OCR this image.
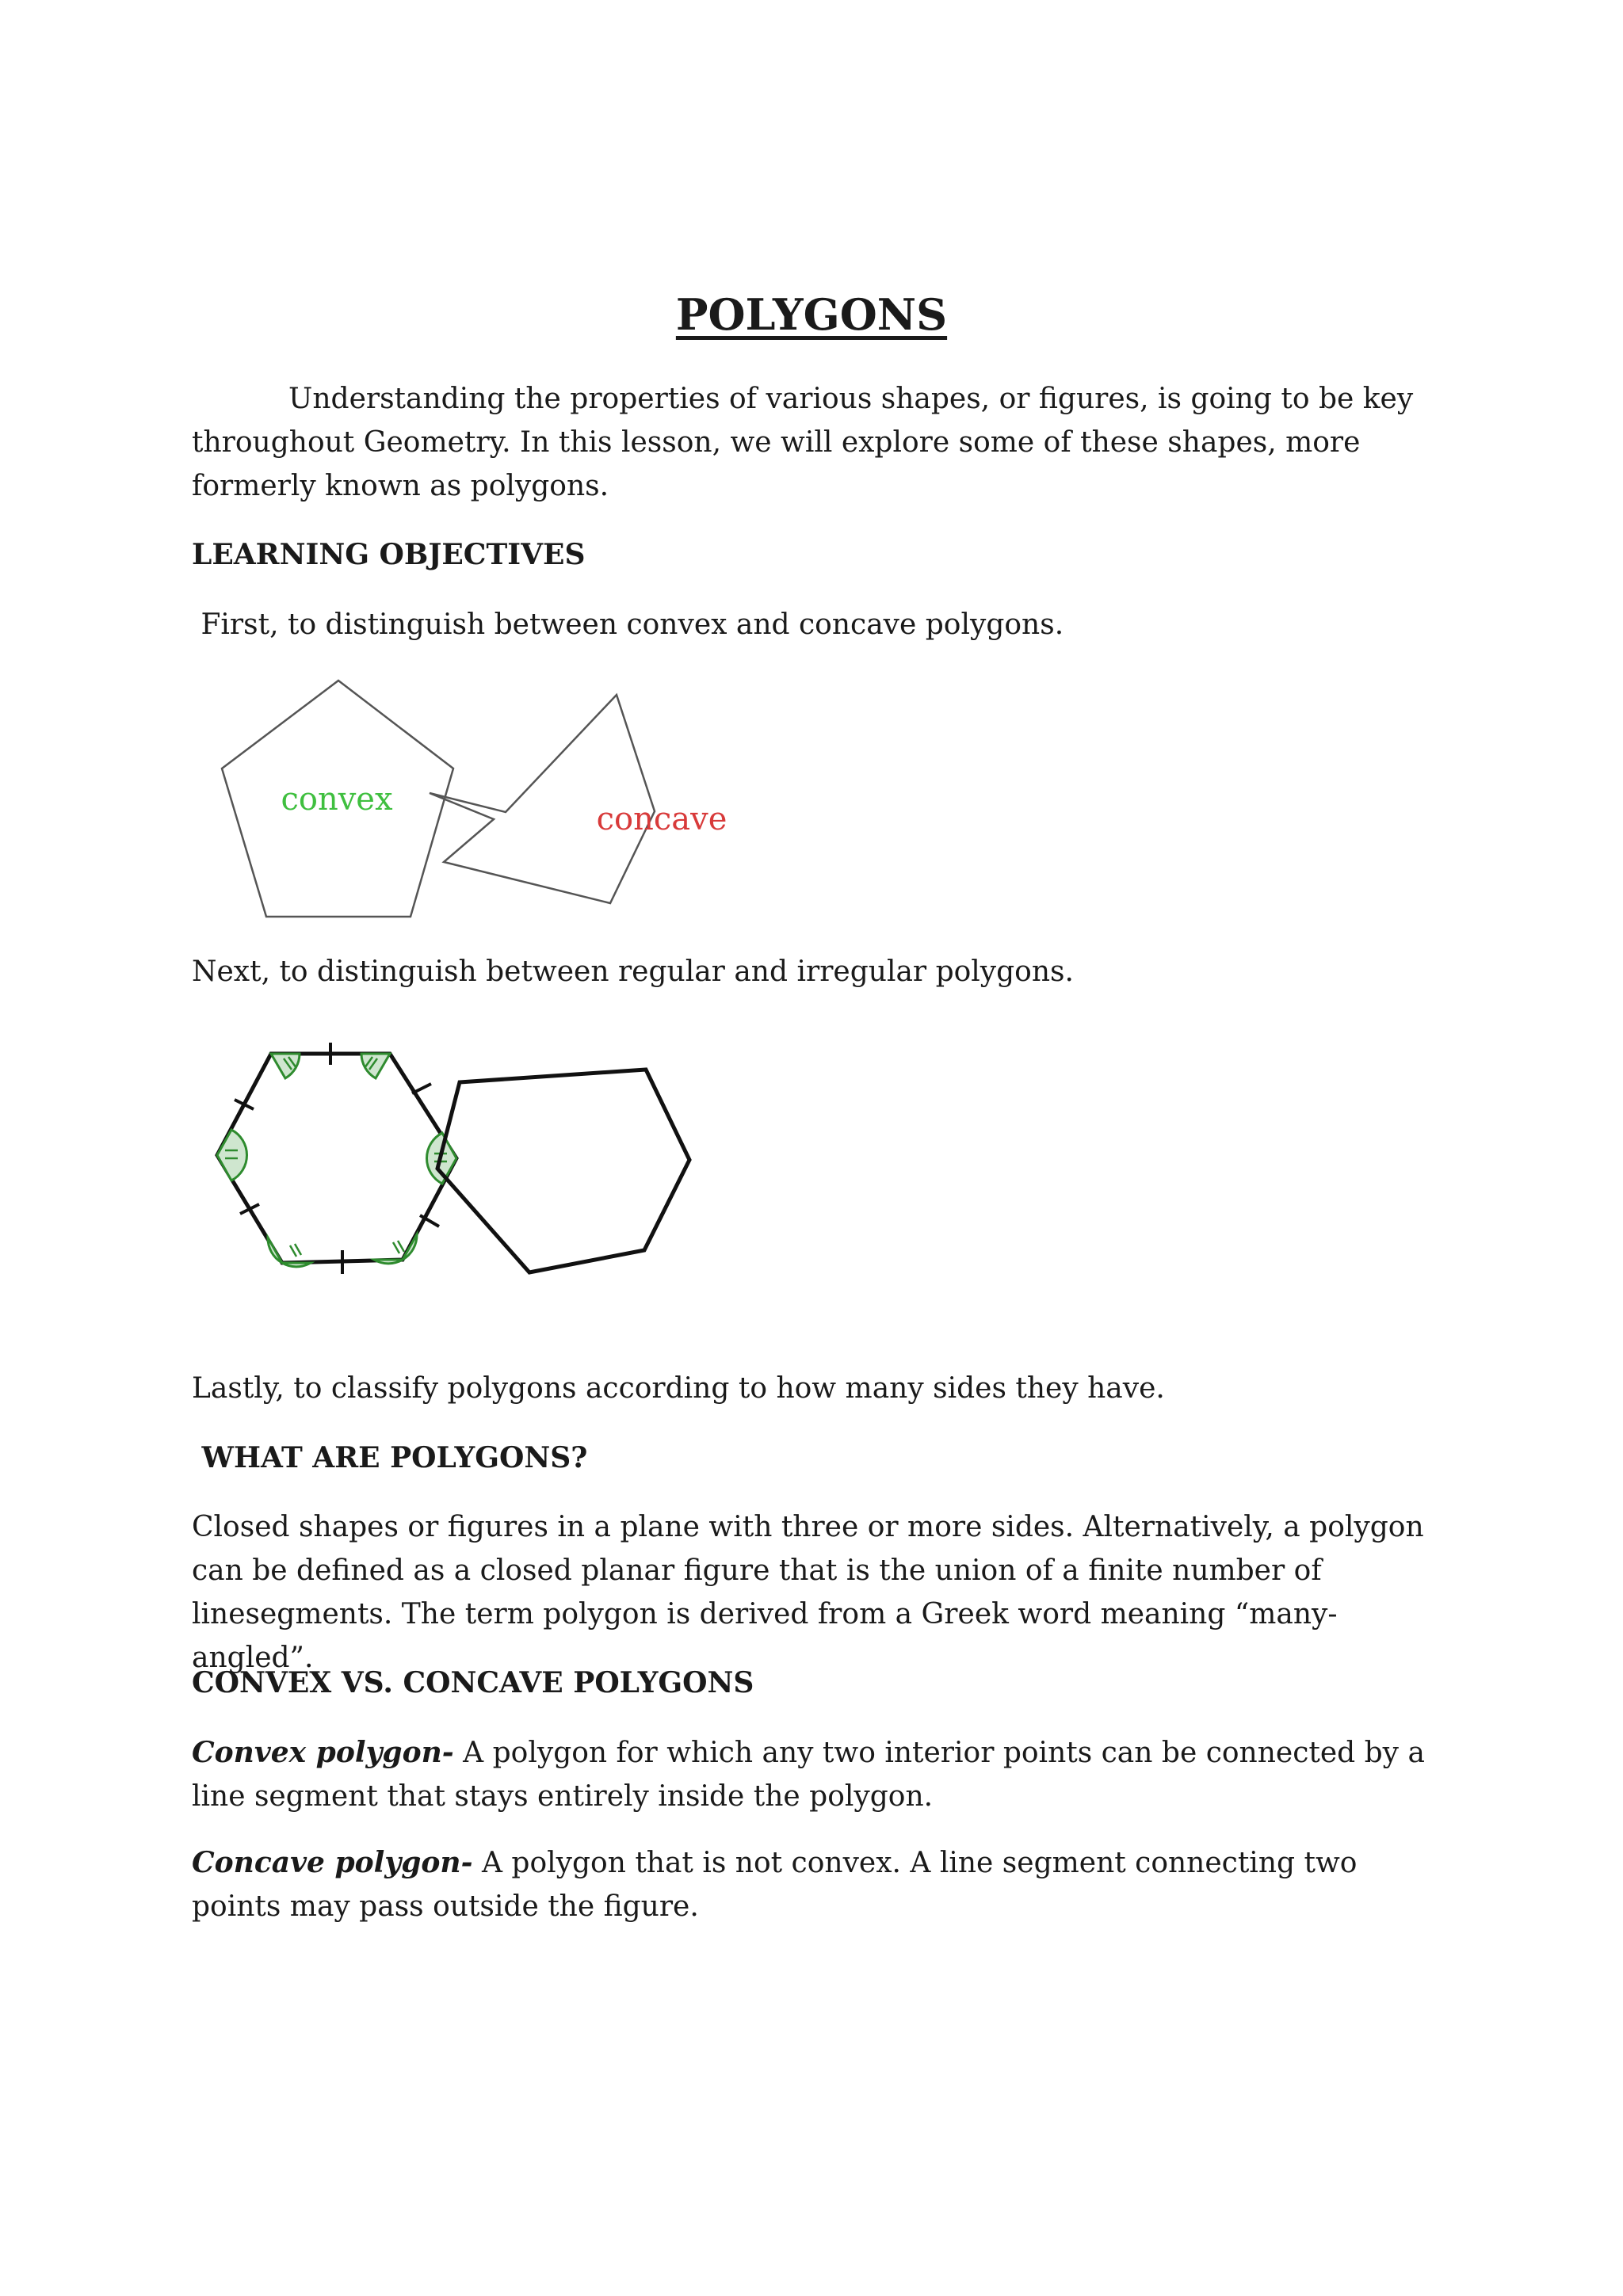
POLYGONS

Understanding the properties of various shapes, or figures, is going to be key throughout Geometry. In this lesson, we will explore some of these shapes, more formerly known as polygons.

LEARNING OBJECTIVES

First, to distinguish between convex and concave polygons.

convex
concave

Next, to distinguish between regular and irregular polygons.

Lastly, to classify polygons according to how many sides they have.

WHAT ARE POLYGONS?

Closed shapes or figures in a plane with three or more sides. Alternatively, a polygon can be defined as a closed planar figure that is the union of a finite number of linesegments. The term polygon is derived from a Greek word meaning “many-angled”.

CONVEX VS. CONCAVE POLYGONS

Convex polygon- A polygon for which any two interior points can be connected by a line segment that stays entirely inside the polygon.

Concave polygon- A polygon that is not convex. A line segment connecting two points may pass outside the figure.
